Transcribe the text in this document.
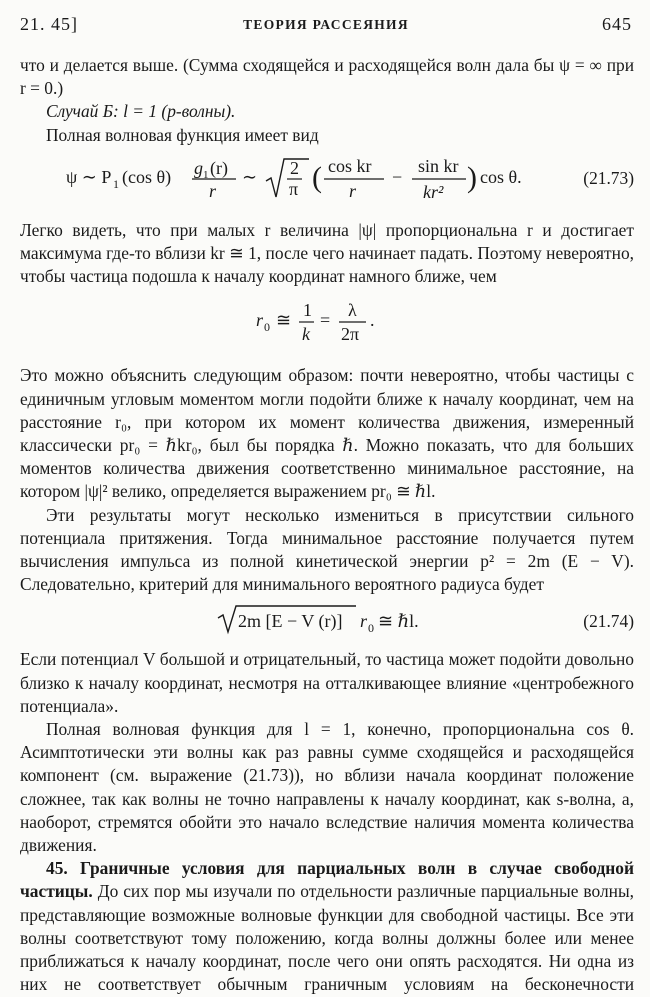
21. 45]	ТЕОРИЯ РАССЕЯНИЯ	645

что и делается выше. (Сумма сходящейся и расходящейся волн дала бы ψ = ∞ при r = 0.)

Случай Б: l = 1 (p-волны).

Полная волновая функция имеет вид

ψ ∼ P 1 (cos θ) g 1 (r)
r
∼ 2
π ( cos kr
r
−
sin kr
kr² ) cos θ.	(21.73)

Легко видеть, что при малых r величина |ψ| пропорциональна r и достигает максимума где-то вблизи kr ≅ 1, после чего начинает падать. Поэтому невероятно, чтобы частица подошла к началу координат намного ближе, чем

r 0 ≅ 1
k
= λ
2π
.

Это можно объяснить следующим образом: почти невероятно, чтобы частицы с единичным угловым моментом могли подойти ближе к началу координат, чем на расстояние r₀, при котором их момент количества движения, измеренный классически pr₀ = ℏkr₀, был бы порядка ℏ. Можно показать, что для больших моментов количества движения соответственно минимальное расстояние, на котором |ψ|² велико, определяется выражением pr₀ ≅ ℏl.

Эти результаты могут несколько измениться в присутствии сильного потенциала притяжения. Тогда минимальное расстояние получается путем вычисления импульса из полной кинетической энергии p² = 2m (E − V). Следовательно, критерий для минимального вероятного радиуса будет

2m [E − V (r)] r 0 ≅ ℏl.	(21.74)

Если потенциал V большой и отрицательный, то частица может подойти довольно близко к началу координат, несмотря на отталкивающее влияние «центробежного потенциала».

Полная волновая функция для l = 1, конечно, пропорциональна cos θ. Асимптотически эти волны как раз равны сумме сходящейся и расходящейся компонент (см. выражение (21.73)), но вблизи начала координат положение сложнее, так как волны не точно направлены к началу координат, как s-волна, а, наоборот, стремятся обойти это начало вследствие наличия момента количества движения.

45. Граничные условия для парциальных волн в случае свободной частицы. До сих пор мы изучали по отдельности различные парциальные волны, представляющие возможные волновые функции для свободной частицы. Все эти волны соответствуют тому положению, когда волны должны более или менее приближаться к началу координат, после чего они опять расходятся. Ни одна из них не соответствует обычным граничным условиям на бесконечности
